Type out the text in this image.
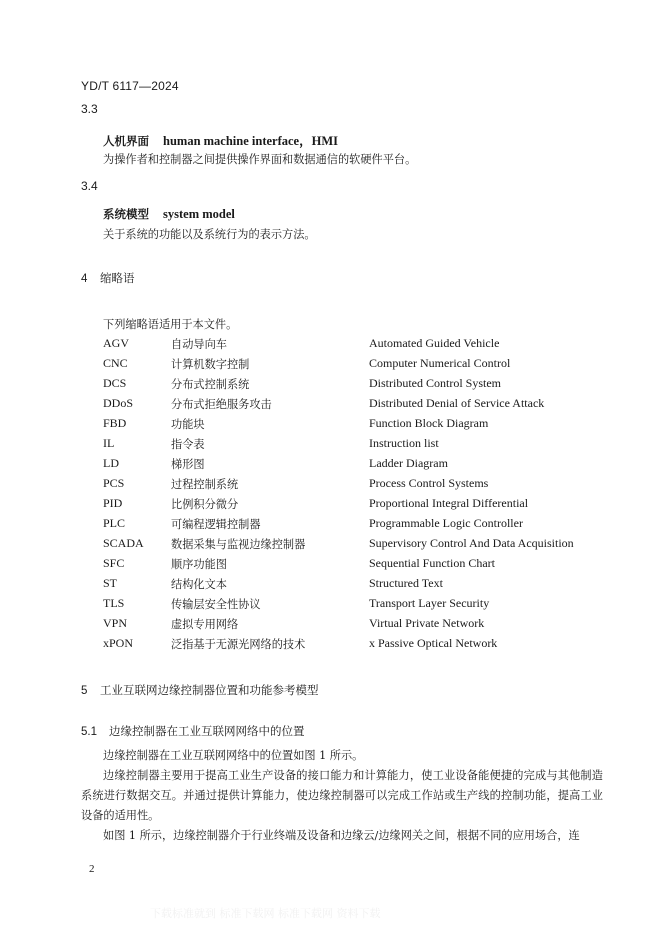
YD/T 6117—2024
3.3
人机界面 human machine interface，HMI
为操作者和控制器之间提供操作界面和数据通信的软硬件平台。
3.4
系统模型 system model
关于系统的功能以及系统行为的表示方法。
4 缩略语
下列缩略语适用于本文件。
AGV	自动导向车	Automated Guided Vehicle
CNC	计算机数字控制	Computer Numerical Control
DCS	分布式控制系统	Distributed Control System
DDoS	分布式拒绝服务攻击	Distributed Denial of Service Attack
FBD	功能块	Function Block Diagram
IL	指令表	Instruction list
LD	梯形图	Ladder Diagram
PCS	过程控制系统	Process Control Systems
PID	比例积分微分	Proportional Integral Differential
PLC	可编程逻辑控制器	Programmable Logic Controller
SCADA 数据采集与监视边缘控制器	Supervisory Control And Data Acquisition
SFC	顺序功能图	Sequential Function Chart
ST	结构化文本	Structured Text
TLS	传输层安全性协议	Transport Layer Security
VPN	虚拟专用网络	Virtual Private Network
xPON	泛指基于无源光网络的技术	x Passive Optical Network
5 工业互联网边缘控制器位置和功能参考模型
5.1 边缘控制器在工业互联网网络中的位置
边缘控制器在工业互联网网络中的位置如图 1 所示。
边缘控制器主要用于提高工业生产设备的接口能力和计算能力，使工业设备能便捷的完成与其他制造系统进行数据交互。并通过提供计算能力，使边缘控制器可以完成工作站或生产线的控制功能，提高工业设备的适用性。
如图 1 所示，边缘控制器介于行业终端及设备和边缘云/边缘网关之间，根据不同的应用场合，连
2
下载标准就到 标准下载网 标准下载网 资料下载
